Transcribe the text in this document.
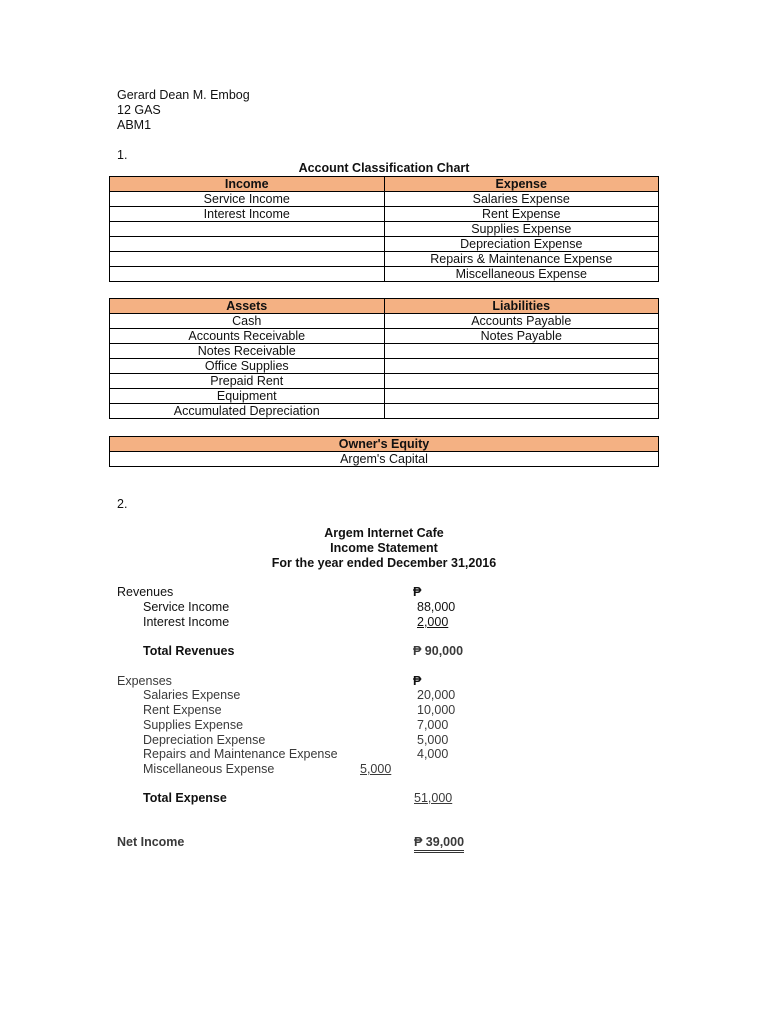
Gerard Dean M. Embog
12 GAS
ABM1
1.
Account Classification Chart
Income	Expense
Service Income	Salaries Expense
Interest Income	Rent Expense
	Supplies Expense
	Depreciation Expense
	Repairs & Maintenance Expense
	Miscellaneous Expense
Assets	Liabilities
Cash	Accounts Payable
Accounts Receivable	Notes Payable
Notes Receivable	
Office Supplies	
Prepaid Rent	
Equipment	
Accumulated Depreciation	
Owner's Equity
Argem's Capital
2.
Argem Internet Cafe
Income Statement
For the year ended December 31,2016
Revenues	₱
Service Income	88,000
Interest Income	2,000
Total Revenues	₱ 90,000
Expenses	₱
Salaries Expense	20,000
Rent Expense	10,000
Supplies Expense	7,000
Depreciation Expense	5,000
Repairs and Maintenance Expense	4,000
Miscellaneous Expense	5,000
Total Expense	51,000
Net Income	₱ 39,000
